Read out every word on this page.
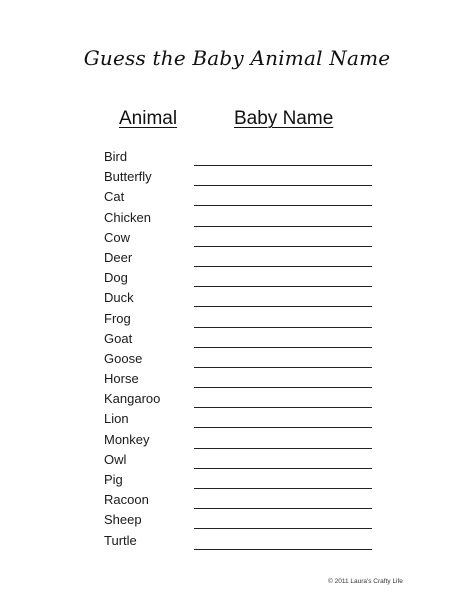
Guess the Baby Animal Name
Animal	Baby Name
Bird
Butterfly
Cat
Chicken
Cow
Deer
Dog
Duck
Frog
Goat
Goose
Horse
Kangaroo
Lion
Monkey
Owl
Pig
Racoon
Sheep
Turtle
© 2011 Laura's Crafty Life
